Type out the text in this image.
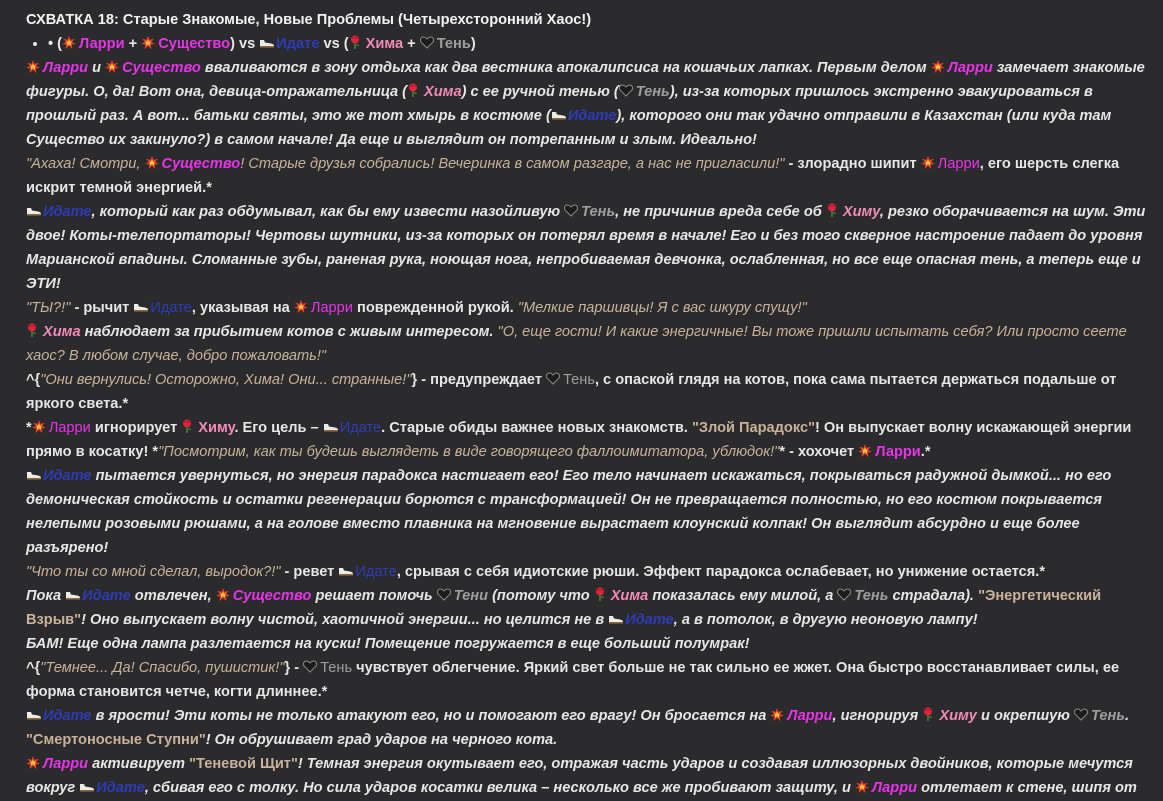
СХВАТКА 18: Старые Знакомые, Новые Проблемы (Четырехсторонний Хаос!)

• • ( Ларри + Существо) vs Идате vs ( Хима + Тень)

Ларри и Существо вваливаются в зону отдыха как два вестника апокалипсиса на кошачьих лапках. Первым делом Ларри замечает знакомые фигуры. О, да! Вот она, девица-отражательница ( Хима) с ее ручной тенью ( Тень), из-за которых пришлось экстренно эвакуироваться в прошлый раз. А вот... батьки святы, это же тот хмырь в костюме ( Идате), которого они так удачно отправили в Казахстан (или куда там Существо их закинуло?) в самом начале! Да еще и выглядит он потрепанным и злым. Идеально!

"Ахаха! Смотри, Существо! Старые друзья собрались! Вечеринка в самом разгаре, а нас не пригласили!" - злорадно шипит Ларри, его шерсть слегка искрит темной энергией.*

Идате, который как раз обдумывал, как бы ему извести назойливую Тень, не причинив вреда себе об Химу, резко оборачивается на шум. Эти двое! Коты-телепортаторы! Чертовы шутники, из-за которых он потерял время в начале! Его и без того скверное настроение падает до уровня Марианской впадины. Сломанные зубы, раненая рука, ноющая нога, непробиваемая девчонка, ослабленная, но все еще опасная тень, а теперь еще и ЭТИ!

"ТЫ?!" - рычит Идате, указывая на Ларри поврежденной рукой. "Мелкие паршивцы! Я с вас шкуру спущу!"

Хима наблюдает за прибытием котов с живым интересом. "О, еще гости! И какие энергичные! Вы тоже пришли испытать себя? Или просто сеете хаос? В любом случае, добро пожаловать!"

^{"Они вернулись! Осторожно, Хима! Они... странные!"} - предупреждает Тень, с опаской глядя на котов, пока сама пытается держаться подальше от яркого света.*

* Ларри игнорирует Химу. Его цель – Идате. Старые обиды важнее новых знакомств. "Злой Парадокс"! Он выпускает волну искажающей энергии прямо в косатку! *"Посмотрим, как ты будешь выглядеть в виде говорящего фаллоимитатора, ублюдок!"* - хохочет Ларри.*

Идате пытается увернуться, но энергия парадокса настигает его! Его тело начинает искажаться, покрываться радужной дымкой... но его демоническая стойкость и остатки регенерации борются с трансформацией! Он не превращается полностью, но его костюм покрывается нелепыми розовыми рюшами, а на голове вместо плавника на мгновение вырастает клоунский колпак! Он выглядит абсурдно и еще более разъярено!

"Что ты со мной сделал, выродок?!" - ревет Идате, срывая с себя идиотские рюши. Эффект парадокса ослабевает, но унижение остается.*

Пока Идате отвлечен, Существо решает помочь Тени (потому что Хима показалась ему милой, а Тень страдала). "Энергетический Взрыв"! Оно выпускает волну чистой, хаотичной энергии... но целится не в Идате, а в потолок, в другую неоновую лампу!

БАМ! Еще одна лампа разлетается на куски! Помещение погружается в еще больший полумрак!

^{"Темнее... Да! Спасибо, пушистик!"} - Тень чувствует облегчение. Яркий свет больше не так сильно ее жжет. Она быстро восстанавливает силы, ее форма становится четче, когти длиннее.*

Идате в ярости! Эти коты не только атакуют его, но и помогают его врагу! Он бросается на Ларри, игнорируя Химу и окрепшую Тень. "Смертоносные Ступни"! Он обрушивает град ударов на черного кота.

Ларри активирует "Теневой Щит"! Темная энергия окутывает его, отражая часть ударов и создавая иллюзорных двойников, которые мечутся вокруг Идате, сбивая его с толку. Но сила ударов косатки велика – несколько все же пробивают защиту, и Ларри отлетает к стене, шипя от
